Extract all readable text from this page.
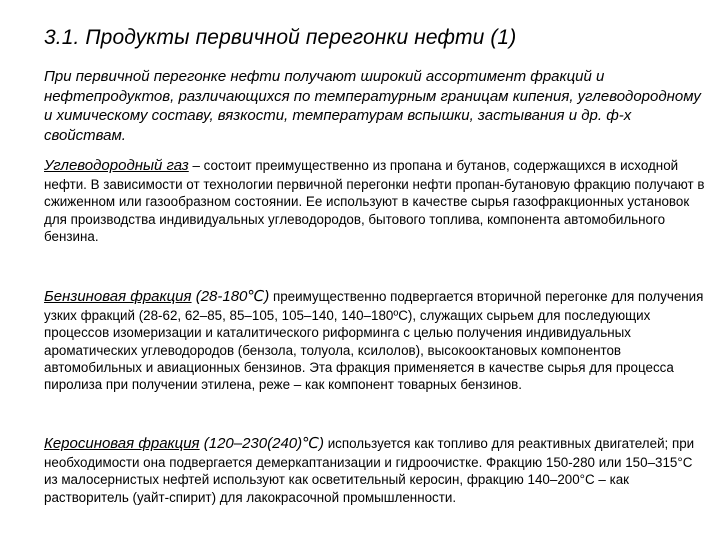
3.1. Продукты первичной перегонки нефти (1)
При первичной перегонке нефти получают широкий ассортимент фракций и нефтепродуктов, различающихся по температурным границам кипения, углеводородному и химическому составу, вязкости, температурам вспышки, застывания и др. ф-х свойствам.
Углеводородный газ – состоит преимущественно из пропана и бутанов, содержащихся в исходной нефти. В зависимости от технологии первичной перегонки нефти пропан-бутановую фракцию получают в сжиженном или газообразном состоянии. Ее используют в качестве сырья газофракционных установок для производства индивидуальных углеводородов, бытового топлива, компонента автомобильного бензина.
Бензиновая фракция (28-180℃) преимущественно подвергается вторичной перегонке для получения узких фракций (28-62, 62–85, 85–105, 105–140, 140–180ºС), служащих сырьем для последующих процессов изомеризации и каталитического риформинга с целью получения индивидуальных ароматических углеводородов (бензола, толуола, ксилолов), высокооктановых компонентов автомобильных и авиационных бензинов. Эта фракция применяется в качестве сырья для процесса пиролиза при получении этилена, реже – как компонент товарных бензинов.
Керосиновая фракция (120–230(240)℃) используется как топливо для реактивных двигателей; при необходимости она подвергается демеркаптанизации и гидроочистке. Фракцию 150-280 или 150–315°С из малосернистых нефтей используют как осветительный керосин, фракцию 140–200°С – как растворитель (уайт-спирит) для лакокрасочной промышленности.
